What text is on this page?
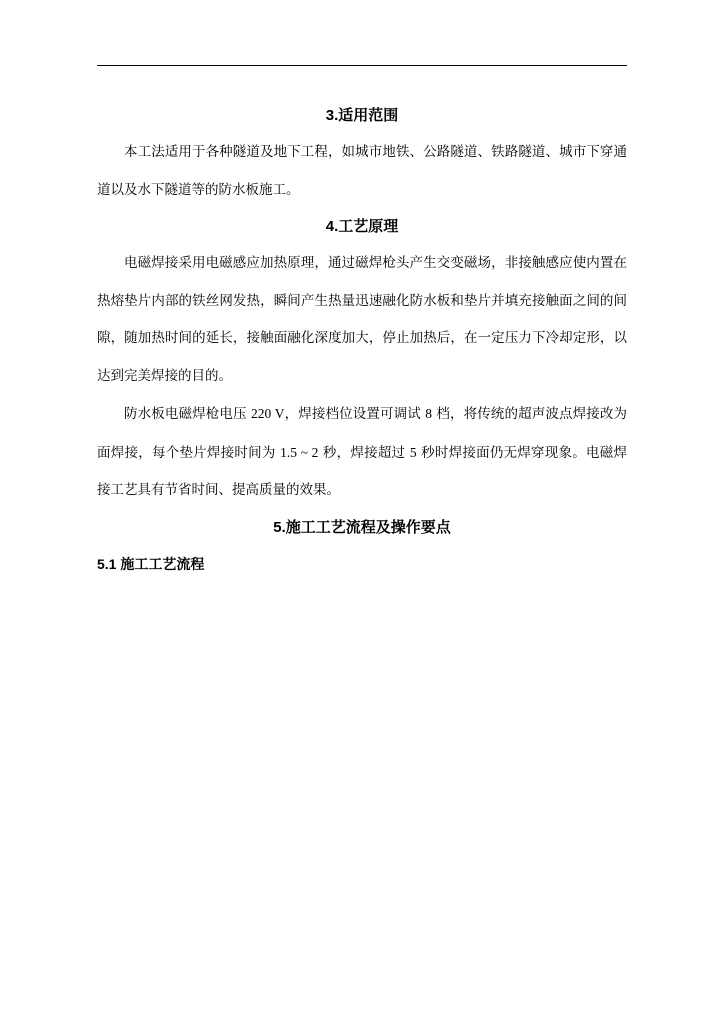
3.适用范围

本工法适用于各种隧道及地下工程，如城市地铁、公路隧道、铁路隧道、城市下穿通道以及水下隧道等的防水板施工。

4.工艺原理

电磁焊接采用电磁感应加热原理，通过磁焊枪头产生交变磁场，非接触感应使内置在热熔垫片内部的铁丝网发热，瞬间产生热量迅速融化防水板和垫片并填充接触面之间的间隙，随加热时间的延长，接触面融化深度加大，停止加热后，在一定压力下冷却定形，以达到完美焊接的目的。

防水板电磁焊枪电压 220 V，焊接档位设置可调试 8 档，将传统的超声波点焊接改为面焊接，每个垫片焊接时间为 1.5 ~ 2 秒，焊接超过 5 秒时焊接面仍无焊穿现象。电磁焊接工艺具有节省时间、提高质量的效果。

5.施工工艺流程及操作要点
5.1 施工工艺流程
